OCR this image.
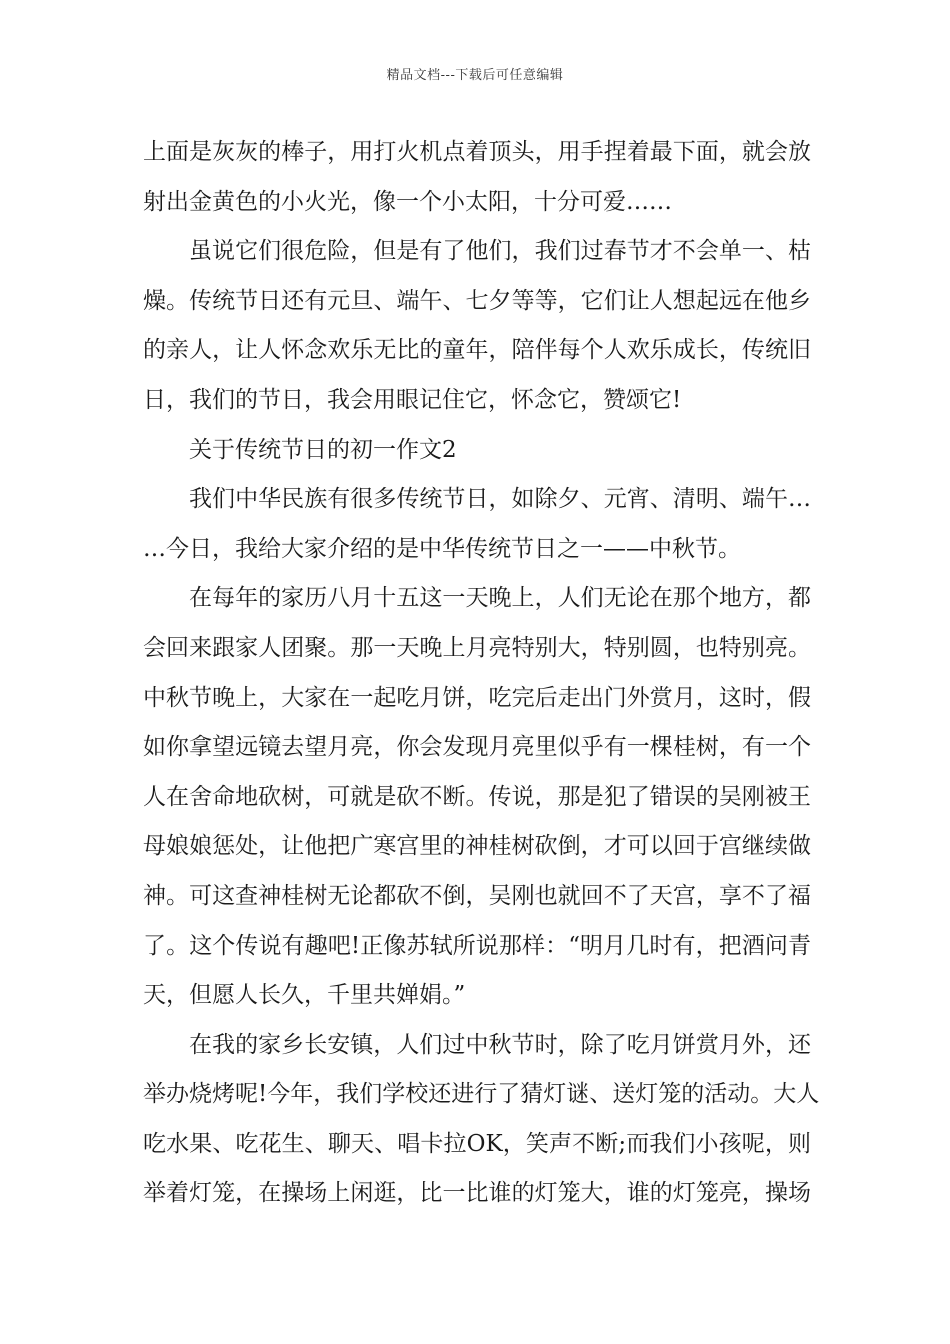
精品文档---下载后可任意编辑
上面是灰灰的棒子，用打火机点着顶头，用手捏着最下面，就会放
射出金黄色的小火光，像一个小太阳，十分可爱……
虽说它们很危险，但是有了他们，我们过春节才不会单一、枯
燥。传统节日还有元旦、端午、七夕等等，它们让人想起远在他乡
的亲人，让人怀念欢乐无比的童年，陪伴每个人欢乐成长，传统旧
日，我们的节日，我会用眼记住它，怀念它，赞颂它!
关于传统节日的初一作文2
我们中华民族有很多传统节日，如除夕、元宵、清明、端午…
…今日，我给大家介绍的是中华传统节日之一——中秋节。
在每年的家历八月十五这一天晚上，人们无论在那个地方，都
会回来跟家人团聚。那一天晚上月亮特别大，特别圆，也特别亮。
中秋节晚上，大家在一起吃月饼，吃完后走出门外赏月，这时，假
如你拿望远镜去望月亮，你会发现月亮里似乎有一棵桂树，有一个
人在舍命地砍树，可就是砍不断。传说，那是犯了错误的吴刚被王
母娘娘惩处，让他把广寒宫里的神桂树砍倒，才可以回于宫继续做
神。可这查神桂树无论都砍不倒，吴刚也就回不了天宫，享不了福
了。这个传说有趣吧!正像苏轼所说那样：“明月几时有，把酒问青
天，但愿人长久，千里共婵娟。”
在我的家乡长安镇，人们过中秋节时，除了吃月饼赏月外，还
举办烧烤呢!今年，我们学校还进行了猜灯谜、送灯笼的活动。大人
吃水果、吃花生、聊天、唱卡拉OK，笑声不断;而我们小孩呢，则
举着灯笼，在操场上闲逛，比一比谁的灯笼大，谁的灯笼亮，操场
